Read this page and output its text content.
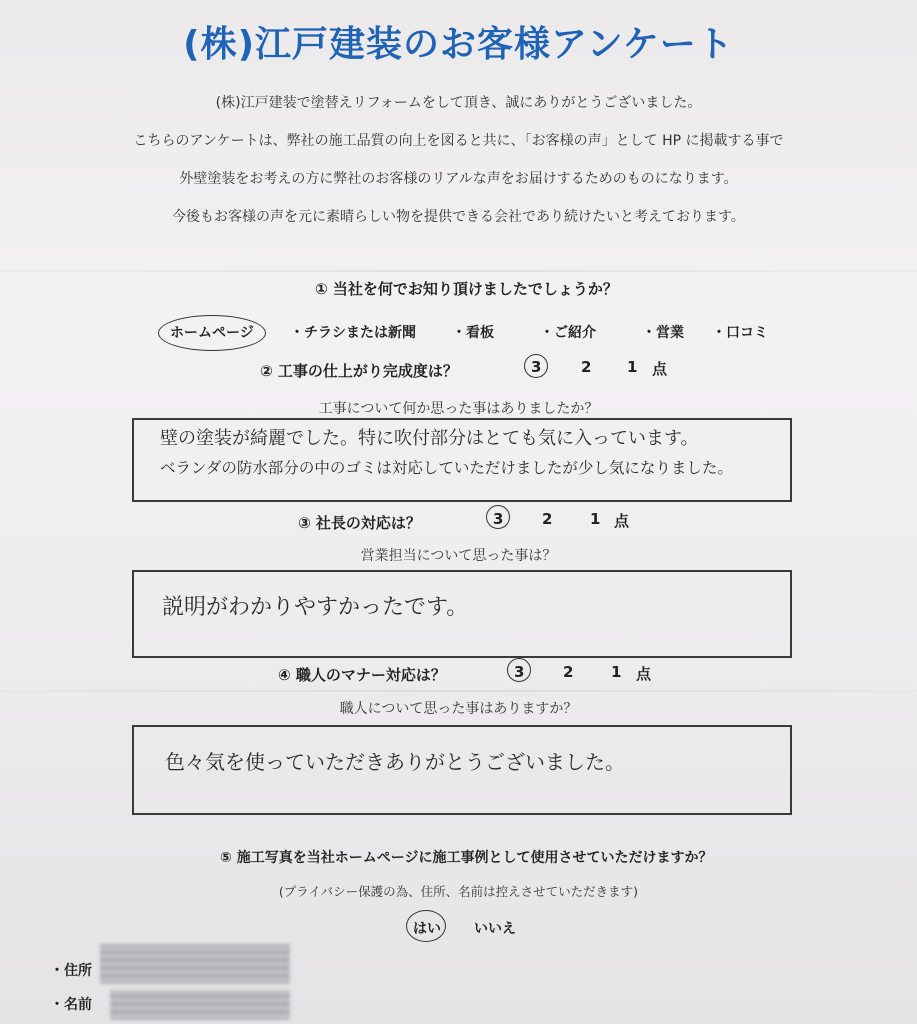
(株)江戸建装のお客様アンケート
(株)江戸建装で塗替えリフォームをして頂き、誠にありがとうございました。
こちらのアンケートは、弊社の施工品質の向上を図ると共に、「お客様の声」として HP に掲載する事で
外壁塗装をお考えの方に弊社のお客様のリアルな声をお届けするためのものになります。
今後もお客様の声を元に素晴らしい物を提供できる会社であり続けたいと考えております。
① 当社を何でお知り頂けましたでしょうか？
ホームページ	・チラシまたは新聞	・看板	・ご紹介	・営業 ・口コミ
② 工事の仕上がり完成度は？	3	2 1 点
工事について何か思った事はありましたか？
壁の塗装が綺麗でした。特に吹付部分はとても気に入っています。
ベランダの防水部分の中のゴミは対応していただけましたが少し気になりました。
③ 社長の対応は？	3	2	1 点
営業担当について思った事は？
説明がわかりやすかったです。
④ 職人のマナー対応は？	3	2	1 点
職人について思った事はありますか？
色々気を使っていただきありがとうございました。
⑤ 施工写真を当社ホームページに施工事例として使用させていただけますか？
(プライバシー保護の為、住所、名前は控えさせていただきます)
はい いいえ
・住所
・名前
